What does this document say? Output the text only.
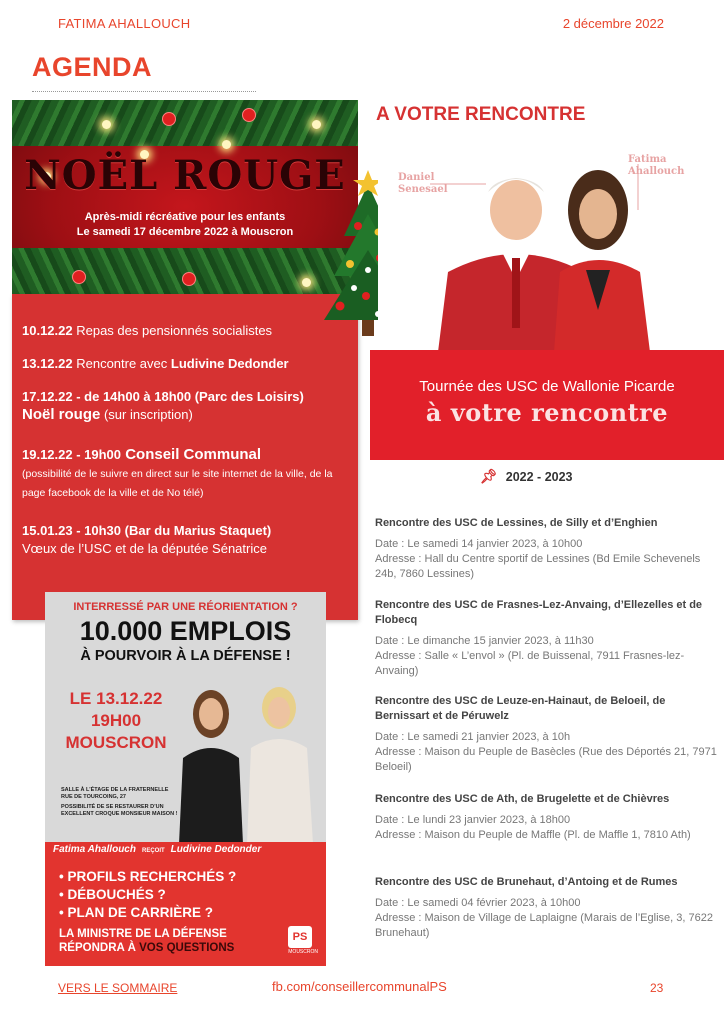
FATIMA AHALLOUCH	2 décembre 2022
AGENDA
NOËL ROUGE
Après-midi récréative pour les enfants
Le samedi 17 décembre 2022 à Mouscron
10.12.22 Repas des pensionnés socialistes
13.12.22 Rencontre avec Ludivine Dedonder
17.12.22 - de 14h00 à 18h00 (Parc des Loisirs)
Noël rouge (sur inscription)
19.12.22 - 19h00 Conseil Communal
(possibilité de le suivre en direct sur le site internet de la ville, de la page facebook de la ville et de No télé)
15.01.23 - 10h30 (Bar du Marius Staquet)
Vœux de l’USC et de la députée Sénatrice
INTERRESSÉ PAR UNE RÉORIENTATION ?
10.000 EMPLOIS
À POURVOIR À LA DÉFENSE !
LE 13.12.22
19H00
MOUSCRON
SALLE À L’ÉTAGE DE LA FRATERNELLE
RUE DE TOURCOING, 27
POSSIBILITÉ DE SE RESTAURER D’UN
EXCELLENT CROQUE MONSIEUR MAISON !
Fatima Ahallouch REÇOIT Ludivine Dedonder
• PROFILS RECHERCHÉS ?
• DÉBOUCHÉS ?
• PLAN DE CARRIÈRE ?
LA MINISTRE DE LA DÉFENSE
RÉPONDRA À VOS QUESTIONS
PS
MOUSCRON
A VOTRE RENCONTRE
Daniel
Senesael
Fatima
Ahallouch
Tournée des USC de Wallonie Picarde
à votre rencontre
📌︎ 2022 - 2023
Rencontre des USC de Lessines, de Silly et d’Enghien
Date : Le samedi 14 janvier 2023, à 10h00
Adresse : Hall du Centre sportif de Lessines (Bd Emile Schevenels 24b, 7860 Lessines)
Rencontre des USC de Frasnes-Lez-Anvaing, d’Ellezelles et de Flobecq
Date : Le dimanche 15 janvier 2023, à 11h30
Adresse : Salle « L’envol » (Pl. de Buissenal, 7911 Frasnes-lez-Anvaing)
Rencontre des USC de Leuze-en-Hainaut, de Beloeil, de Bernissart et de Péruwelz
Date : Le samedi 21 janvier 2023, à 10h
Adresse : Maison du Peuple de Basècles (Rue des Déportés 21, 7971 Beloeil)
Rencontre des USC de Ath, de Brugelette et de Chièvres
Date : Le lundi 23 janvier 2023, à 18h00
Adresse : Maison du Peuple de Maffle (Pl. de Maffle 1, 7810 Ath)
Rencontre des USC de Brunehaut, d’Antoing et de Rumes
Date : Le samedi 04 février 2023, à 10h00
Adresse : Maison de Village de Laplaigne (Marais de l’Eglise, 3, 7622 Brunehaut)
VERS LE SOMMAIRE	fb.com/conseillercommunalPS	23
